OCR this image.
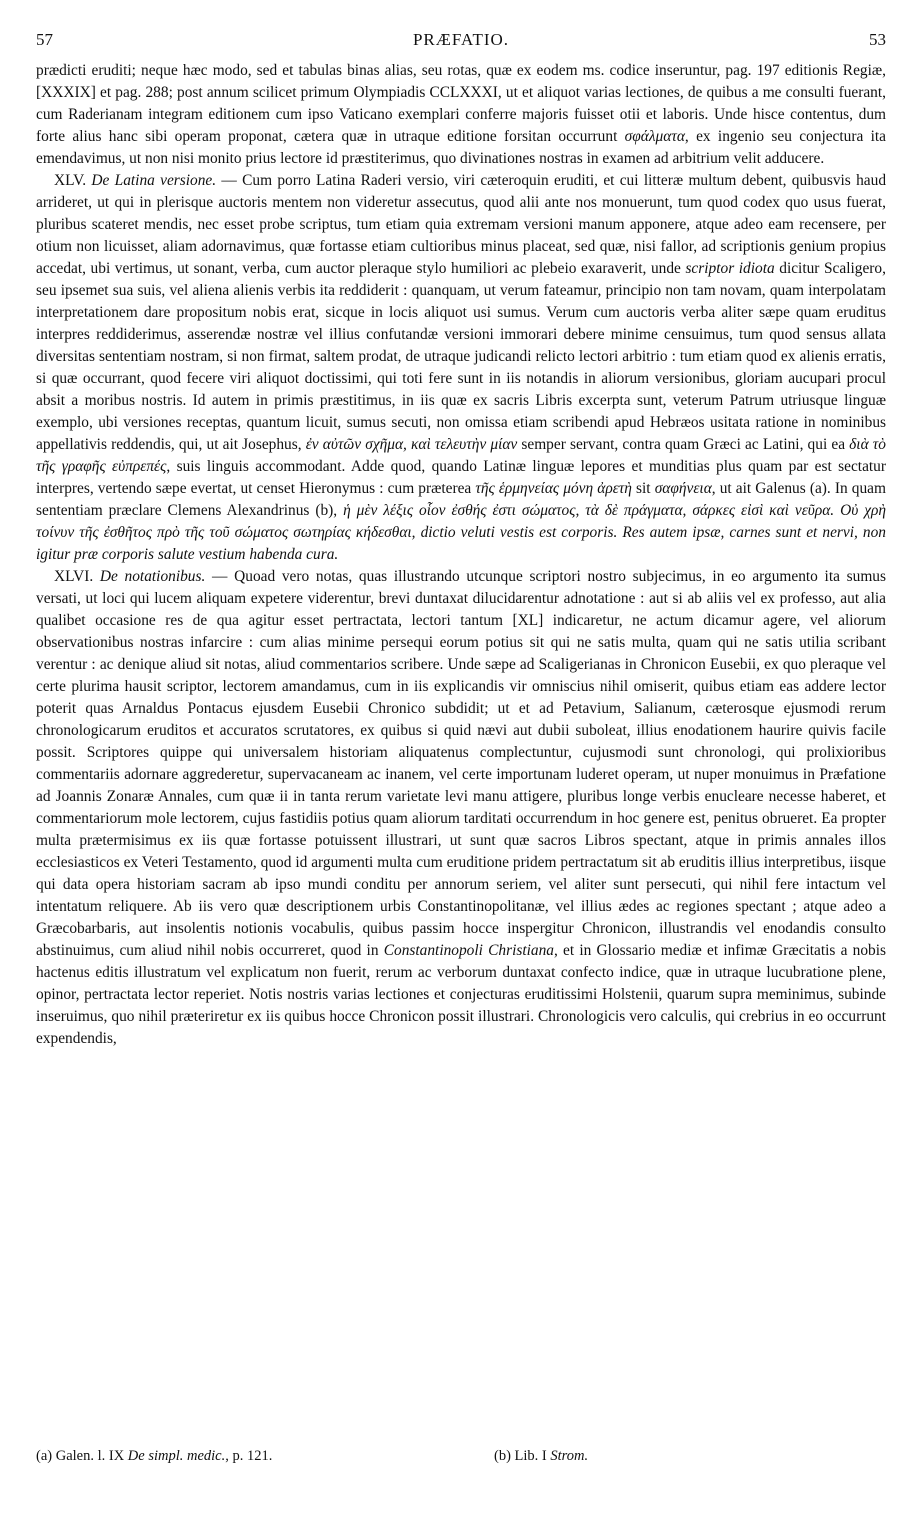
57	PRÆFATIO.	53

prædicti eruditi; neque hæc modo, sed et tabulas binas alias, seu rotas, quæ ex eodem ms. codice inseruntur, pag. 197 editionis Regiæ, [XXXIX] et pag. 288; post annum scilicet primum Olympiadis CCLXXXI, ut et aliquot varias lectiones, de quibus a me consulti fuerant, cum Raderianam integram editionem cum ipso Vaticano exemplari conferre majoris fuisset otii et laboris. Unde hisce contentus, dum forte alius hanc sibi operam proponat, cætera quæ in utraque editione forsitan occurrunt σφάλματα, ex ingenio seu conjectura ita emendavimus, ut non nisi monito prius lectore id præstiterimus, quo divinationes nostras in examen ad arbitrium velit adducere.

XLV. De Latina versione. — Cum porro Latina Raderi versio, viri cæteroquin eruditi, et cui litteræ multum debent, quibusvis haud arrideret, ut qui in plerisque auctoris mentem non videretur assecutus, quod alii ante nos monuerunt, tum quod codex quo usus fuerat, pluribus scateret mendis, nec esset probe scriptus, tum etiam quia extremam versioni manum apponere, atque adeo eam recensere, per otium non licuisset, aliam adornavimus, quæ fortasse etiam cultioribus minus placeat, sed quæ, nisi fallor, ad scriptionis genium propius accedat, ubi vertimus, ut sonant, verba, cum auctor pleraque stylo humiliori ac plebeio exaraverit, unde scriptor idiota dicitur Scaligero, seu ipsemet sua suis, vel aliena alienis verbis ita reddiderit : quanquam, ut verum fateamur, principio non tam novam, quam interpolatam interpretationem dare propositum nobis erat, sicque in locis aliquot usi sumus. Verum cum auctoris verba aliter sæpe quam eruditus interpres reddiderimus, asserendæ nostræ vel illius confutandæ versioni immorari debere minime censuimus, tum quod sensus allata diversitas sententiam nostram, si non firmat, saltem prodat, de utraque judicandi relicto lectori arbitrio : tum etiam quod ex alienis erratis, si quæ occurrant, quod fecere viri aliquot doctissimi, qui toti fere sunt in iis notandis in aliorum versionibus, gloriam aucupari procul absit a moribus nostris. Id autem in primis præstitimus, in iis quæ ex sacris Libris excerpta sunt, veterum Patrum utriusque linguæ exemplo, ubi versiones receptas, quantum licuit, sumus secuti, non omissa etiam scribendi apud Hebræos usitata ratione in nominibus appellativis reddendis, qui, ut ait Josephus, ἐν αὐτῶν σχῆμα, καὶ τελευτὴν μίαν semper servant, contra quam Græci ac Latini, qui ea διὰ τὸ τῆς γραφῆς εὐπρεπές, suis linguis accommodant. Adde quod, quando Latinæ linguæ lepores et munditias plus quam par est sectatur interpres, vertendo sæpe evertat, ut censet Hieronymus : cum præterea τῆς ἑρμηνείας μόνη ἀρετὴ sit σαφήνεια, ut ait Galenus (a). In quam sententiam præclare Clemens Alexandrinus (b), ἡ μὲν λέξις οἷον ἐσθής ἐστι σώματος, τὰ δὲ πράγματα, σάρκες εἰσὶ καὶ νεῦρα. Οὐ χρὴ τοίνυν τῆς ἐσθῆτος πρὸ τῆς τοῦ σώματος σωτηρίας κήδεσθαι, dictio veluti vestis est corporis. Res autem ipsæ, carnes sunt et nervi, non igitur præ corporis salute vestium habenda cura.

XLVI. De notationibus. — Quoad vero notas, quas illustrando utcunque scriptori nostro subjecimus, in eo argumento ita sumus versati, ut loci qui lucem aliquam expetere viderentur, brevi duntaxat dilucidarentur adnotatione : aut si ab aliis vel ex professo, aut alia qualibet occasione res de qua agitur esset pertractata, lectori tantum [XL] indicaretur, ne actum dicamur agere, vel aliorum observationibus nostras infarcire : cum alias minime persequi eorum potius sit qui ne satis multa, quam qui ne satis utilia scribant verentur : ac denique aliud sit notas, aliud commentarios scribere. Unde sæpe ad Scaligerianas in Chronicon Eusebii, ex quo pleraque vel certe plurima hausit scriptor, lectorem amandamus, cum in iis explicandis vir omniscius nihil omiserit, quibus etiam eas addere lector poterit quas Arnaldus Pontacus ejusdem Eusebii Chronico subdidit; ut et ad Petavium, Salianum, cæterosque ejusmodi rerum chronologicarum eruditos et accuratos scrutatores, ex quibus si quid nævi aut dubii suboleat, illius enodationem haurire quivis facile possit. Scriptores quippe qui universalem historiam aliquatenus complectuntur, cujusmodi sunt chronologi, qui prolixioribus commentariis adornare aggrederetur, supervacaneam ac inanem, vel certe importunam luderet operam, ut nuper monuimus in Præfatione ad Joannis Zonaræ Annales, cum quæ ii in tanta rerum varietate levi manu attigere, pluribus longe verbis enucleare necesse haberet, et commentariorum mole lectorem, cujus fastidiis potius quam aliorum tarditati occurrendum in hoc genere est, penitus obrueret. Ea propter multa prætermisimus ex iis quæ fortasse potuissent illustrari, ut sunt quæ sacros Libros spectant, atque in primis annales illos ecclesiasticos ex Veteri Testamento, quod id argumenti multa cum eruditione pridem pertractatum sit ab eruditis illius interpretibus, iisque qui data opera historiam sacram ab ipso mundi conditu per annorum seriem, vel aliter sunt persecuti, qui nihil fere intactum vel intentatum reliquere. Ab iis vero quæ descriptionem urbis Constantinopolitanæ, vel illius ædes ac regiones spectant ; atque adeo a Græcobarbaris, aut insolentis notionis vocabulis, quibus passim hocce inspergitur Chronicon, illustrandis vel enodandis consulto abstinuimus, cum aliud nihil nobis occurreret, quod in Constantinopoli Christiana, et in Glossario mediæ et infimæ Græcitatis a nobis hactenus editis illustratum vel explicatum non fuerit, rerum ac verborum duntaxat confecto indice, quæ in utraque lucubratione plene, opinor, pertractata lector reperiet. Notis nostris varias lectiones et conjecturas eruditissimi Holstenii, quarum supra meminimus, subinde inseruimus, quo nihil præteriretur ex iis quibus hocce Chronicon possit illustrari. Chronologicis vero calculis, qui crebrius in eo occurrunt expendendis,

(a) Galen. l. IX De simpl. medic., p. 121.	(b) Lib. I Strom.
